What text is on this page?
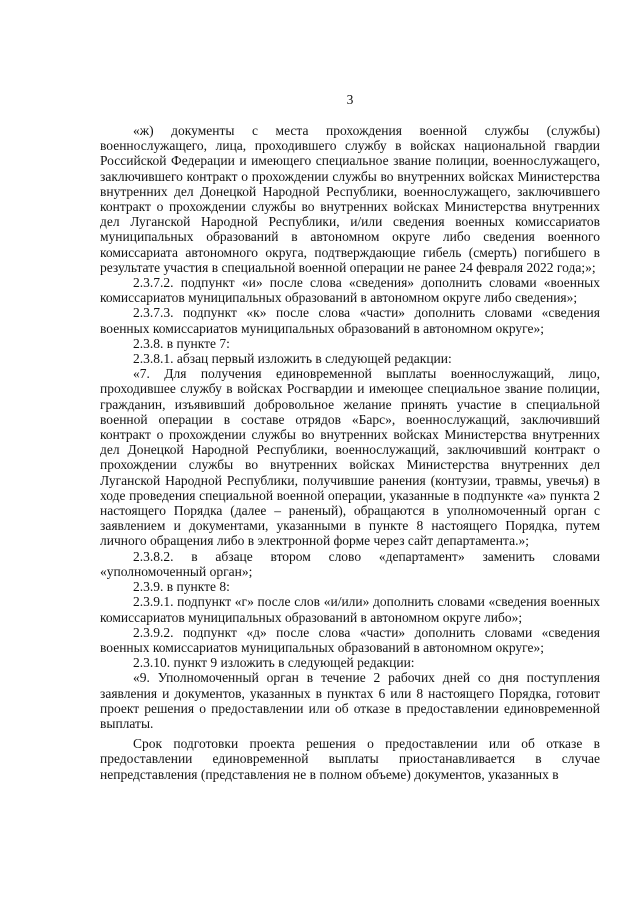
3

«ж) документы с места прохождения военной службы (службы) военнослужащего, лица, проходившего службу в войсках национальной гвардии Российской Федерации и имеющего специальное звание полиции, военнослужащего, заключившего контракт о прохождении службы во внутренних войсках Министерства внутренних дел Донецкой Народной Республики, военнослужащего, заключившего контракт о прохождении службы во внутренних войсках Министерства внутренних дел Луганской Народной Республики, и/или сведения военных комиссариатов муниципальных образований в автономном округе либо сведения военного комиссариата автономного округа, подтверждающие гибель (смерть) погибшего в результате участия в специальной военной операции не ранее 24 февраля 2022 года;»;

2.3.7.2. подпункт «и» после слова «сведения» дополнить словами «военных комиссариатов муниципальных образований в автономном округе либо сведения»;

2.3.7.3. подпункт «к» после слова «части» дополнить словами «сведения военных комиссариатов муниципальных образований в автономном округе»;

2.3.8. в пункте 7:

2.3.8.1. абзац первый изложить в следующей редакции:

«7. Для получения единовременной выплаты военнослужащий, лицо, проходившее службу в войсках Росгвардии и имеющее специальное звание полиции, гражданин, изъявивший добровольное желание принять участие в специальной военной операции в составе отрядов «Барс», военнослужащий, заключивший контракт о прохождении службы во внутренних войсках Министерства внутренних дел Донецкой Народной Республики, военнослужащий, заключивший контракт о прохождении службы во внутренних войсках Министерства внутренних дел Луганской Народной Республики, получившие ранения (контузии, травмы, увечья) в ходе проведения специальной военной операции, указанные в подпункте «а» пункта 2 настоящего Порядка (далее – раненый), обращаются в уполномоченный орган с заявлением и документами, указанными в пункте 8 настоящего Порядка, путем личного обращения либо в электронной форме через сайт департамента.»;

2.3.8.2. в абзаце втором слово «департамент» заменить словами «уполномоченный орган»;

2.3.9. в пункте 8:

2.3.9.1. подпункт «г» после слов «и/или» дополнить словами «сведения военных комиссариатов муниципальных образований в автономном округе либо»;

2.3.9.2. подпункт «д» после слова «части» дополнить словами «сведения военных комиссариатов муниципальных образований в автономном округе»;

2.3.10. пункт 9 изложить в следующей редакции:

«9. Уполномоченный орган в течение 2 рабочих дней со дня поступления заявления и документов, указанных в пунктах 6 или 8 настоящего Порядка, готовит проект решения о предоставлении или об отказе в предоставлении единовременной выплаты.

Срок подготовки проекта решения о предоставлении или об отказе в предоставлении единовременной выплаты приостанавливается в случае непредставления (представления не в полном объеме) документов, указанных в
